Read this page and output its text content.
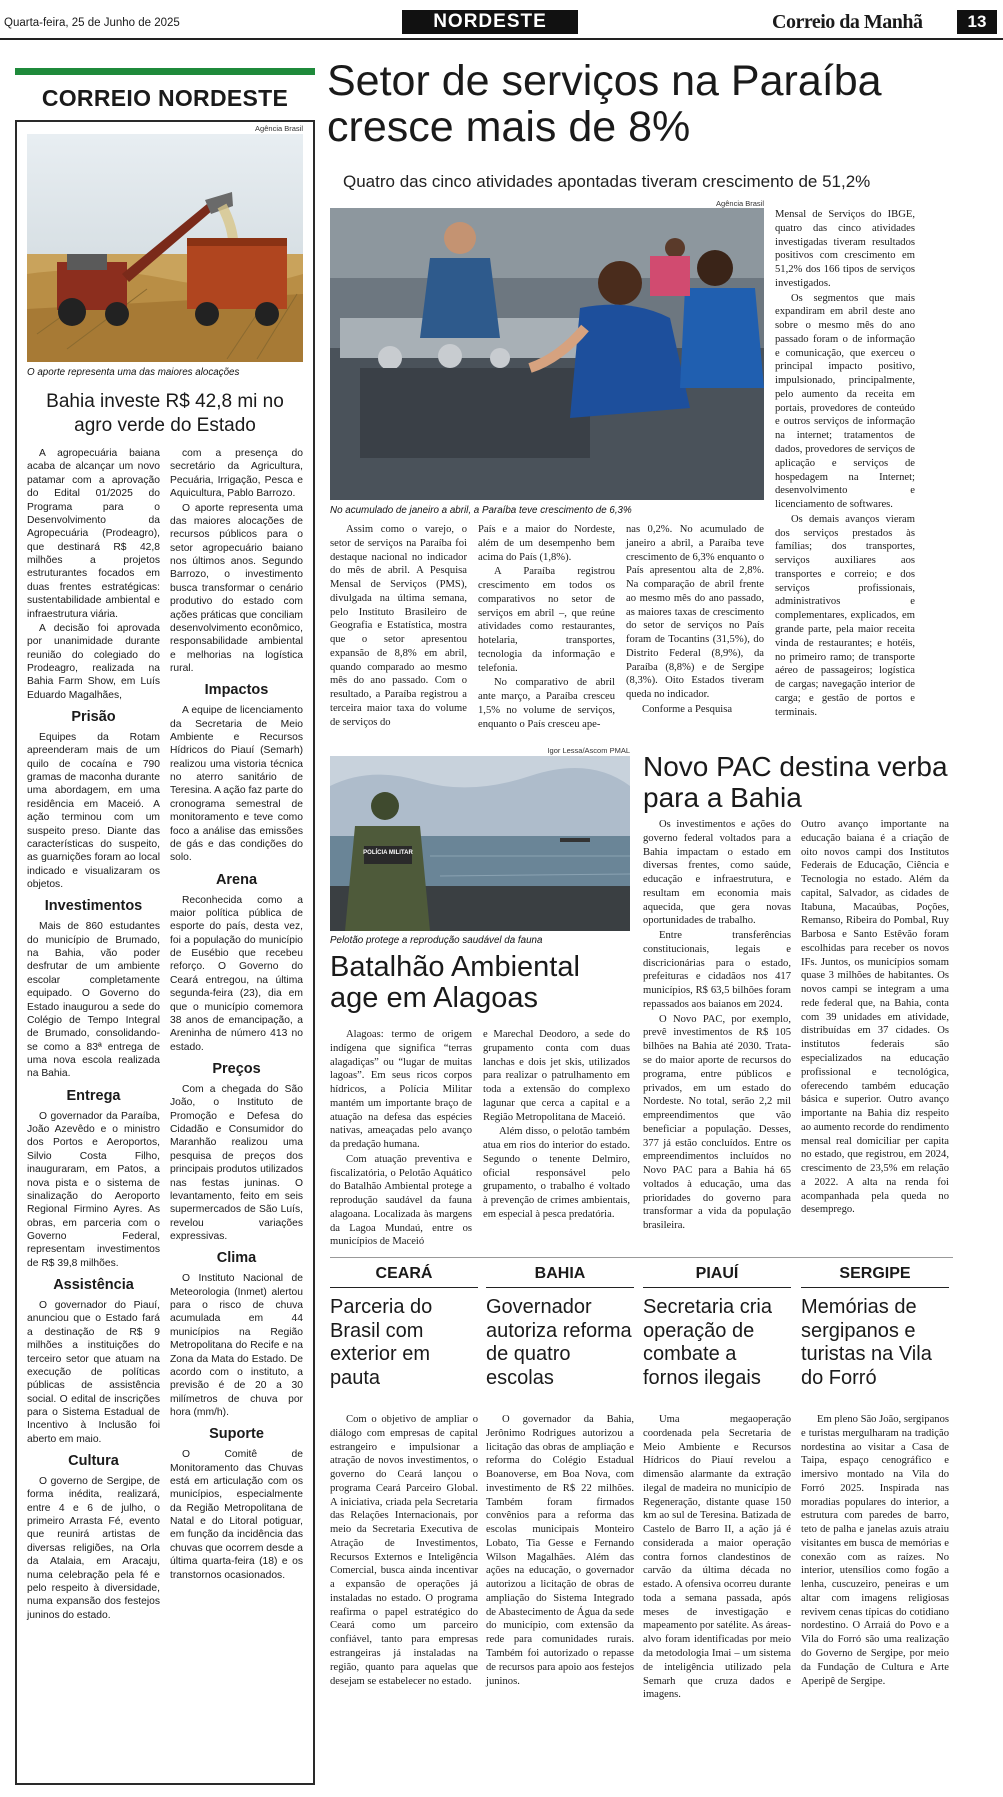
Quarta-feira, 25 de Junho de 2025	NORDESTE	Correio da Manhã	13
CORREIO NORDESTE
Agência Brasil
O aporte representa uma das maiores alocações
Bahia investe R$ 42,8 mi no agro verde do Estado

A agropecuária baiana acaba de alcançar um novo patamar com a aprovação do Edital 01/2025 do Programa para o Desenvolvimento da Agropecuária (Prodeagro), que destinará R$ 42,8 milhões a projetos estruturantes focados em duas frentes estratégicas: sustentabilidade ambiental e infraestrutura viária.

A decisão foi aprovada por unanimidade durante reunião do colegiado do Prodeagro, realizada na Bahia Farm Show, em Luís Eduardo Magalhães,

Prisão

Equipes da Rotam apreenderam mais de um quilo de cocaína e 790 gramas de maconha durante uma abordagem, em uma residência em Maceió. A ação terminou com um suspeito preso. Diante das características do suspeito, as guarnições foram ao local indicado e visualizaram os objetos.

Investimentos

Mais de 860 estudantes do município de Brumado, na Bahia, vão poder desfrutar de um ambiente escolar completamente equipado. O Governo do Estado inaugurou a sede do Colégio de Tempo Integral de Brumado, consolidando-se como a 83ª entrega de uma nova escola realizada na Bahia.

Entrega

O governador da Paraíba, João Azevêdo e o ministro dos Portos e Aeroportos, Silvio Costa Filho, inauguraram, em Patos, a nova pista e o sistema de sinalização do Aeroporto Regional Firmino Ayres. As obras, em parceria com o Governo Federal, representam investimentos de R$ 39,8 milhões.

Assistência

O governador do Piauí, anunciou que o Estado fará a destinação de R$ 9 milhões a instituições do terceiro setor que atuam na execução de políticas públicas de assistência social. O edital de inscrições para o Sistema Estadual de Incentivo à Inclusão foi aberto em maio.

Cultura

O governo de Sergipe, de forma inédita, realizará, entre 4 e 6 de julho, o primeiro Arrasta Fé, evento que reunirá artistas de diversas religiões, na Orla da Atalaia, em Aracaju, numa celebração pela fé e pelo respeito à diversidade, numa expansão dos festejos juninos do estado.

com a presença do secretário da Agricultura, Pecuária, Irrigação, Pesca e Aquicultura, Pablo Barrozo.

O aporte representa uma das maiores alocações de recursos públicos para o setor agropecuário baiano nos últimos anos. Segundo Barrozo, o investimento busca transformar o cenário produtivo do estado com ações práticas que conciliam desenvolvimento econômico, responsabilidade ambiental e melhorias na logística rural.

Impactos

A equipe de licenciamento da Secretaria de Meio Ambiente e Recursos Hídricos do Piauí (Semarh) realizou uma vistoria técnica no aterro sanitário de Teresina. A ação faz parte do cronograma semestral de monitoramento e teve como foco a análise das emissões de gás e das condições do solo.

Arena

Reconhecida como a maior política pública de esporte do país, desta vez, foi a população do município de Eusébio que recebeu reforço. O Governo do Ceará entregou, na última segunda-feira (23), dia em que o município comemora 38 anos de emancipação, a Areninha de número 413 no estado.

Preços

Com a chegada do São João, o Instituto de Promoção e Defesa do Cidadão e Consumidor do Maranhão realizou uma pesquisa de preços dos principais produtos utilizados nas festas juninas. O levantamento, feito em seis supermercados de São Luís, revelou variações expressivas.

Clima

O Instituto Nacional de Meteorologia (Inmet) alertou para o risco de chuva acumulada em 44 municípios na Região Metropolitana do Recife e na Zona da Mata do Estado. De acordo com o instituto, a previsão é de 20 a 30 milímetros de chuva por hora (mm/h).

Suporte

O Comitê de Monitoramento das Chuvas está em articulação com os municípios, especialmente da Região Metropolitana de Natal e do Litoral potiguar, em função da incidência das chuvas que ocorrem desde a última quarta-feira (18) e os transtornos ocasionados.

Setor de serviços na Paraíba cresce mais de 8%
Quatro das cinco atividades apontadas tiveram crescimento de 51,2%
Agência Brasil
No acumulado de janeiro a abril, a Paraíba teve crescimento de 6,3%

Assim como o varejo, o setor de serviços na Paraíba foi destaque nacional no indicador do mês de abril. A Pesquisa Mensal de Serviços (PMS), divulgada na última semana, pelo Instituto Brasileiro de Geografia e Estatística, mostra que o setor apresentou expansão de 8,8% em abril, quando comparado ao mesmo mês do ano passado. Com o resultado, a Paraíba registrou a terceira maior taxa do volume de serviços do

País e a maior do Nordeste, além de um desempenho bem acima do País (1,8%).

A Paraíba registrou crescimento em todos os comparativos no setor de serviços em abril –, que reúne atividades como restaurantes, hotelaria, transportes, tecnologia da informação e telefonia.

No comparativo de abril ante março, a Paraíba cresceu 1,5% no volume de serviços, enquanto o País cresceu ape-

nas 0,2%. No acumulado de janeiro a abril, a Paraíba teve crescimento de 6,3% enquanto o País apresentou alta de 2,8%. Na comparação de abril frente ao mesmo mês do ano passado, as maiores taxas de crescimento do setor de serviços no País foram de Tocantins (31,5%), do Distrito Federal (8,9%), da Paraíba (8,8%) e de Sergipe (8,3%). Oito Estados tiveram queda no indicador.

Conforme a Pesquisa

Mensal de Serviços do IBGE, quatro das cinco atividades investigadas tiveram resultados positivos com crescimento em 51,2% dos 166 tipos de serviços investigados.

Os segmentos que mais expandiram em abril deste ano sobre o mesmo mês do ano passado foram o de informação e comunicação, que exerceu o principal impacto positivo, impulsionado, principalmente, pelo aumento da receita em portais, provedores de conteúdo e outros serviços de informação na internet; tratamentos de dados, provedores de serviços de aplicação e serviços de hospedagem na Internet; desenvolvimento e licenciamento de softwares.

Os demais avanços vieram dos serviços prestados às famílias; dos transportes, serviços auxiliares aos transportes e correio; e dos serviços profissionais, administrativos e complementares, explicados, em grande parte, pela maior receita vinda de restaurantes; e hotéis, no primeiro ramo; de transporte aéreo de passageiros; logística de cargas; navegação interior de carga; e gestão de portos e terminais.

Igor Lessa/Ascom PMAL
POLÍCIA MILITAR
Pelotão protege a reprodução saudável da fauna
Batalhão Ambiental age em Alagoas

Alagoas: termo de origem indígena que significa “terras alagadiças” ou “lugar de muitas lagoas”. Em seus ricos corpos hídricos, a Polícia Militar mantém um importante braço de atuação na defesa das espécies nativas, ameaçadas pelo avanço da predação humana.

Com atuação preventiva e fiscalizatória, o Pelotão Aquático do Batalhão Ambiental protege a reprodução saudável da fauna alagoana. Localizada às margens da Lagoa Mundaú, entre os municípios de Maceió

e Marechal Deodoro, a sede do grupamento conta com duas lanchas e dois jet skis, utilizados para realizar o patrulhamento em toda a extensão do complexo lagunar que cerca a capital e a Região Metropolitana de Maceió.

Além disso, o pelotão também atua em rios do interior do estado. Segundo o tenente Delmiro, oficial responsável pelo grupamento, o trabalho é voltado à prevenção de crimes ambientais, em especial à pesca predatória.

Novo PAC destina verba para a Bahia

Os investimentos e ações do governo federal voltados para a Bahia impactam o estado em diversas frentes, como saúde, educação e infraestrutura, e resultam em economia mais aquecida, que gera novas oportunidades de trabalho.

Entre transferências constitucionais, legais e discricionárias para o estado, prefeituras e cidadãos nos 417 municípios, R$ 63,5 bilhões foram repassados aos baianos em 2024.

O Novo PAC, por exemplo, prevê investimentos de R$ 105 bilhões na Bahia até 2030. Trata-se do maior aporte de recursos do programa, entre públicos e privados, em um estado do Nordeste. No total, serão 2,2 mil empreendimentos que vão beneficiar a população. Desses, 377 já estão concluídos. Entre os empreendimentos incluídos no Novo PAC para a Bahia há 65 voltados à educação, uma das prioridades do governo para transformar a vida da população brasileira.

Outro avanço importante na educação baiana é a criação de oito novos campi dos Institutos Federais de Educação, Ciência e Tecnologia no estado. Além da capital, Salvador, as cidades de Itabuna, Macaúbas, Poções, Remanso, Ribeira do Pombal, Ruy Barbosa e Santo Estêvão foram escolhidas para receber os novos IFs. Juntos, os municípios somam quase 3 milhões de habitantes. Os novos campi se integram a uma rede federal que, na Bahia, conta com 39 unidades em atividade, distribuídas em 37 cidades. Os institutos federais são especializados na educação profissional e tecnológica, oferecendo também educação básica e superior. Outro avanço importante na Bahia diz respeito ao aumento recorde do rendimento mensal real domiciliar per capita no estado, que registrou, em 2024, crescimento de 23,5% em relação a 2022. A alta na renda foi acompanhada pela queda no desemprego.

CEARÁ
Parceria do Brasil com exterior em pauta

Com o objetivo de ampliar o diálogo com empresas de capital estrangeiro e impulsionar a atração de novos investimentos, o governo do Ceará lançou o programa Ceará Parceiro Global. A iniciativa, criada pela Secretaria das Relações Internacionais, por meio da Secretaria Executiva de Atração de Investimentos, Recursos Externos e Inteligência Comercial, busca ainda incentivar a expansão de operações já instaladas no estado. O programa reafirma o papel estratégico do Ceará como um parceiro confiável, tanto para empresas estrangeiras já instaladas na região, quanto para aquelas que desejam se estabelecer no estado.

BAHIA
Governador autoriza reforma de quatro escolas

O governador da Bahia, Jerônimo Rodrigues autorizou a licitação das obras de ampliação e reforma do Colégio Estadual Boanoverse, em Boa Nova, com investimento de R$ 22 milhões. Também foram firmados convênios para a reforma das escolas municipais Monteiro Lobato, Tia Gesse e Fernando Wilson Magalhães. Além das ações na educação, o governador autorizou a licitação de obras de ampliação do Sistema Integrado de Abastecimento de Água da sede do município, com extensão da rede para comunidades rurais. Também foi autorizado o repasse de recursos para apoio aos festejos juninos.

PIAUÍ
Secretaria cria operação de combate a fornos ilegais

Uma megaoperação coordenada pela Secretaria de Meio Ambiente e Recursos Hídricos do Piauí revelou a dimensão alarmante da extração ilegal de madeira no município de Regeneração, distante quase 150 km ao sul de Teresina. Batizada de Castelo de Barro II, a ação já é considerada a maior operação contra fornos clandestinos de carvão da última década no estado. A ofensiva ocorreu durante toda a semana passada, após meses de investigação e mapeamento por satélite. As áreas-alvo foram identificadas por meio da metodologia Imai – um sistema de inteligência utilizado pela Semarh que cruza dados e imagens.

SERGIPE
Memórias de sergipanos e turistas na Vila do Forró

Em pleno São João, sergipanos e turistas mergulharam na tradição nordestina ao visitar a Casa de Taipa, espaço cenográfico e imersivo montado na Vila do Forró 2025. Inspirada nas moradias populares do interior, a estrutura com paredes de barro, teto de palha e janelas azuis atraiu visitantes em busca de memórias e conexão com as raízes. No interior, utensílios como fogão a lenha, cuscuzeiro, peneiras e um altar com imagens religiosas revivem cenas típicas do cotidiano nordestino. O Arraiá do Povo e a Vila do Forró são uma realização do Governo de Sergipe, por meio da Fundação de Cultura e Arte Aperipê de Sergipe.
